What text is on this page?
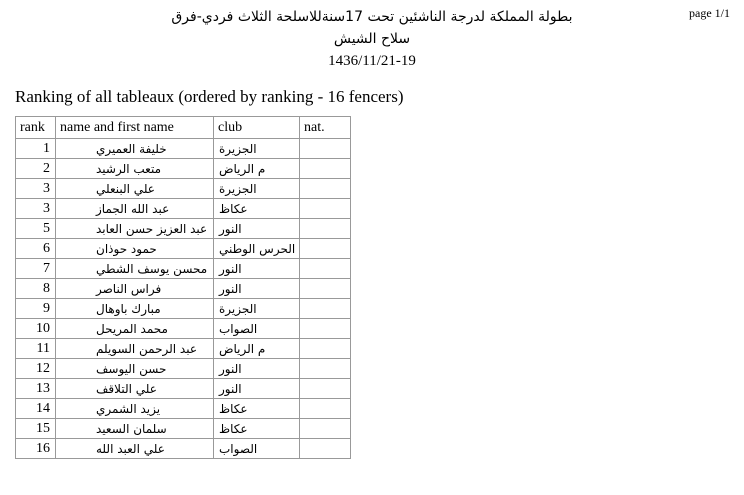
page 1/1
بطولة المملكة لدرجة الناشئين تحت 17سنةللاسلحة الثلاث فردي-فرق
سلاح الشيش
1436/11/21-19
Ranking of all tableaux (ordered by ranking - 16 fencers)
rank	name and first name	club	nat.
1	خليفة العميري	الجزيرة	
2	متعب الرشيد	م الرياض	
3	علي البنعلي	الجزيرة	
3	عبد الله الجماز	عكاظ	
5	عبد العزيز حسن العابد	النور	
6	حمود حوذان	الحرس الوطني	
7	محسن يوسف الشطي	النور	
8	فراس الناصر	النور	
9	مبارك باوهال	الجزيرة	
10	محمد المريحل	الصواب	
11	عبد الرحمن السويلم	م الرياض	
12	حسن اليوسف	النور	
13	علي التلاقف	النور	
14	يزيد الشمري	عكاظ	
15	سلمان السعيد	عكاظ	
16	علي العبد الله	الصواب	
